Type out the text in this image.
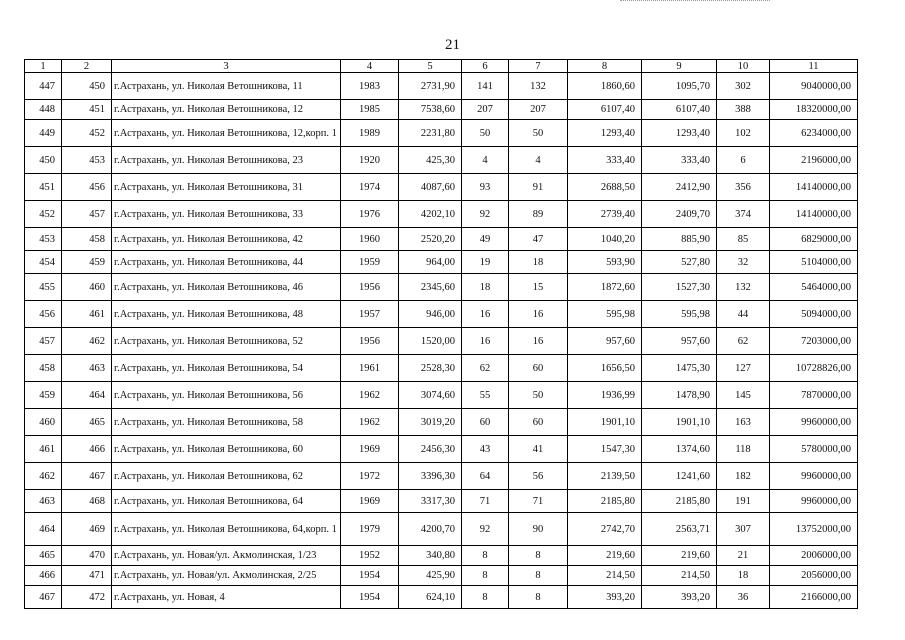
21
1	2	3	4	5	6	7	8	9	10	11
447	450	г.Астрахань, ул. Николая Ветошникова, 11	1983	2731,90	141	132	1860,60	1095,70	302	9040000,00
448	451	г.Астрахань, ул. Николая Ветошникова, 12	1985	7538,60	207	207	6107,40	6107,40	388	18320000,00
449	452	г.Астрахань, ул. Николая Ветошникова, 12,корп. 1	1989	2231,80	50	50	1293,40	1293,40	102	6234000,00
450	453	г.Астрахань, ул. Николая Ветошникова, 23	1920	425,30	4	4	333,40	333,40	6	2196000,00
451	456	г.Астрахань, ул. Николая Ветошникова, 31	1974	4087,60	93	91	2688,50	2412,90	356	14140000,00
452	457	г.Астрахань, ул. Николая Ветошникова, 33	1976	4202,10	92	89	2739,40	2409,70	374	14140000,00
453	458	г.Астрахань, ул. Николая Ветошникова, 42	1960	2520,20	49	47	1040,20	885,90	85	6829000,00
454	459	г.Астрахань, ул. Николая Ветошникова, 44	1959	964,00	19	18	593,90	527,80	32	5104000,00
455	460	г.Астрахань, ул. Николая Ветошникова, 46	1956	2345,60	18	15	1872,60	1527,30	132	5464000,00
456	461	г.Астрахань, ул. Николая Ветошникова, 48	1957	946,00	16	16	595,98	595,98	44	5094000,00
457	462	г.Астрахань, ул. Николая Ветошникова, 52	1956	1520,00	16	16	957,60	957,60	62	7203000,00
458	463	г.Астрахань, ул. Николая Ветошникова, 54	1961	2528,30	62	60	1656,50	1475,30	127	10728826,00
459	464	г.Астрахань, ул. Николая Ветошникова, 56	1962	3074,60	55	50	1936,99	1478,90	145	7870000,00
460	465	г.Астрахань, ул. Николая Ветошникова, 58	1962	3019,20	60	60	1901,10	1901,10	163	9960000,00
461	466	г.Астрахань, ул. Николая Ветошникова, 60	1969	2456,30	43	41	1547,30	1374,60	118	5780000,00
462	467	г.Астрахань, ул. Николая Ветошникова, 62	1972	3396,30	64	56	2139,50	1241,60	182	9960000,00
463	468	г.Астрахань, ул. Николая Ветошникова, 64	1969	3317,30	71	71	2185,80	2185,80	191	9960000,00
464	469	г.Астрахань, ул. Николая Ветошникова, 64,корп. 1	1979	4200,70	92	90	2742,70	2563,71	307	13752000,00
465	470	г.Астрахань, ул. Новая/ул. Акмолинская, 1/23	1952	340,80	8	8	219,60	219,60	21	2006000,00
466	471	г.Астрахань, ул. Новая/ул. Акмолинская, 2/25	1954	425,90	8	8	214,50	214,50	18	2056000,00
467	472	г.Астрахань, ул. Новая, 4	1954	624,10	8	8	393,20	393,20	36	2166000,00
